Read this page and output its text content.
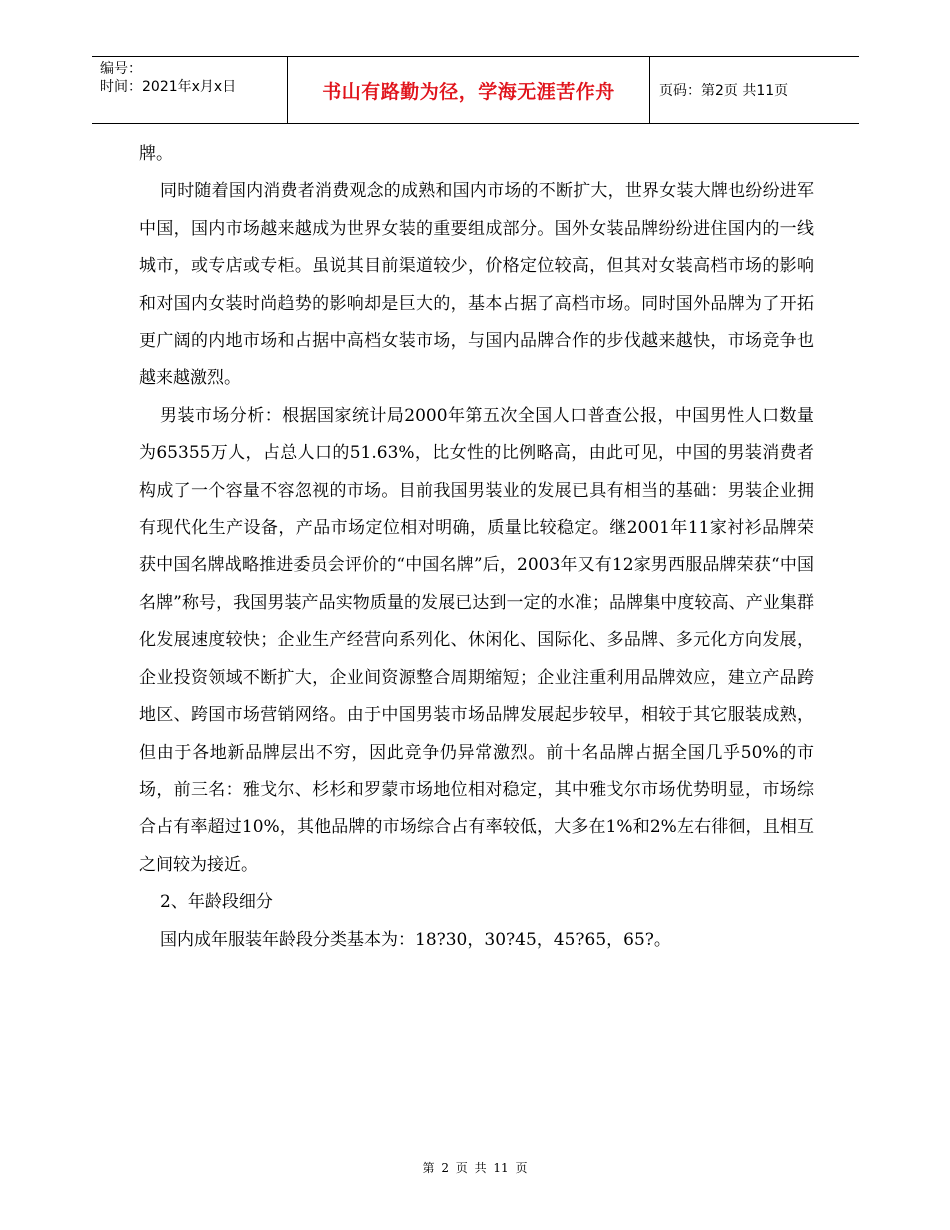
编号：
时间：2021年x月x日	书山有路勤为径，学海无涯苦作舟	页码：第2页 共11页

牌。

同时随着国内消费者消费观念的成熟和国内市场的不断扩大，世界女装大牌也纷纷进军中国，国内市场越来越成为世界女装的重要组成部分。国外女装品牌纷纷进住国内的一线城市，或专店或专柜。虽说其目前渠道较少，价格定位较高，但其对女装高档市场的影响和对国内女装时尚趋势的影响却是巨大的，基本占据了高档市场。同时国外品牌为了开拓更广阔的内地市场和占据中高档女装市场，与国内品牌合作的步伐越来越快，市场竞争也越来越激烈。

男装市场分析：根据国家统计局2000年第五次全国人口普查公报，中国男性人口数量为65355万人，占总人口的51.63%，比女性的比例略高，由此可见，中国的男装消费者构成了一个容量不容忽视的市场。目前我国男装业的发展已具有相当的基础：男装企业拥有现代化生产设备，产品市场定位相对明确，质量比较稳定。继2001年11家衬衫品牌荣获中国名牌战略推进委员会评价的“中国名牌”后，2003年又有12家男西服品牌荣获“中国名牌”称号，我国男装产品实物质量的发展已达到一定的水准；品牌集中度较高、产业集群化发展速度较快；企业生产经营向系列化、休闲化、国际化、多品牌、多元化方向发展，企业投资领域不断扩大，企业间资源整合周期缩短；企业注重利用品牌效应，建立产品跨地区、跨国市场营销网络。由于中国男装市场品牌发展起步较早，相较于其它服装成熟，但由于各地新品牌层出不穷，因此竞争仍异常激烈。前十名品牌占据全国几乎50%的市场，前三名：雅戈尔、杉杉和罗蒙市场地位相对稳定，其中雅戈尔市场优势明显，市场综合占有率超过10%，其他品牌的市场综合占有率较低，大多在1%和2%左右徘徊，且相互之间较为接近。

2、年龄段细分

国内成年服装年龄段分类基本为：18?30，30?45，45?65，65?。

第 2 页 共 11 页
